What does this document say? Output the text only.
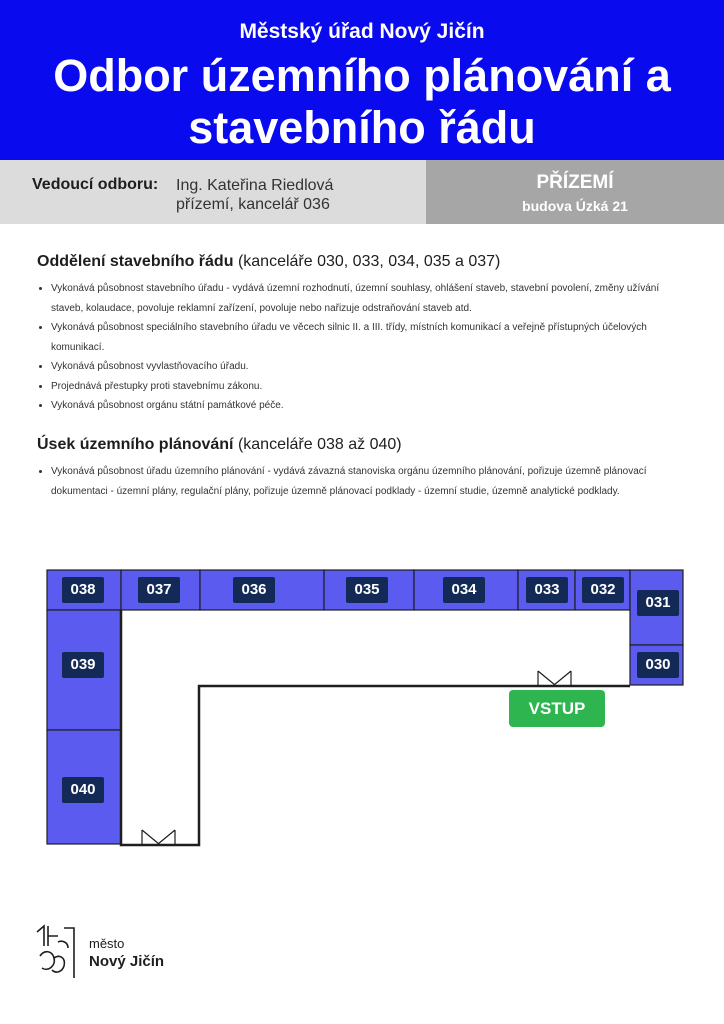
Městský úřad Nový Jičín
Odbor územního plánování a
stavebního řádu
Vedoucí odboru: Ing. Kateřina Riedlová
přízemí, kancelář 036
PŘÍZEMÍ
budova Úzká 21
Oddělení stavebního řádu (kanceláře 030, 033, 034, 035 a 037)
• Vykonává působnost stavebního úřadu - vydává územní rozhodnutí, územní souhlasy, ohlášení staveb, stavební povolení, změny užívání staveb, kolaudace, povoluje reklamní zařízení, povoluje nebo nařizuje odstraňování staveb atd.
• Vykonává působnost speciálního stavebního úřadu ve věcech silnic II. a III. třídy, místních komunikací a veřejně přístupných účelových komunikací.
• Vykonává působnost vyvlastňovacího úřadu.
• Projednává přestupky proti stavebnímu zákonu.
• Vykonává působnost orgánu státní památkové péče.
Úsek územního plánování (kanceláře 038 až 040)
• Vykonává působnost úřadu územního plánování - vydává závazná stanoviska orgánu územního plánování, pořizuje územně plánovací dokumentaci - územní plány, regulační plány, pořizuje územně plánovací podklady - územní studie, územně analytické podklady.
038	037	036	035	034	033	032
031
039	030
040
VSTUP
město
Nový Jičín
